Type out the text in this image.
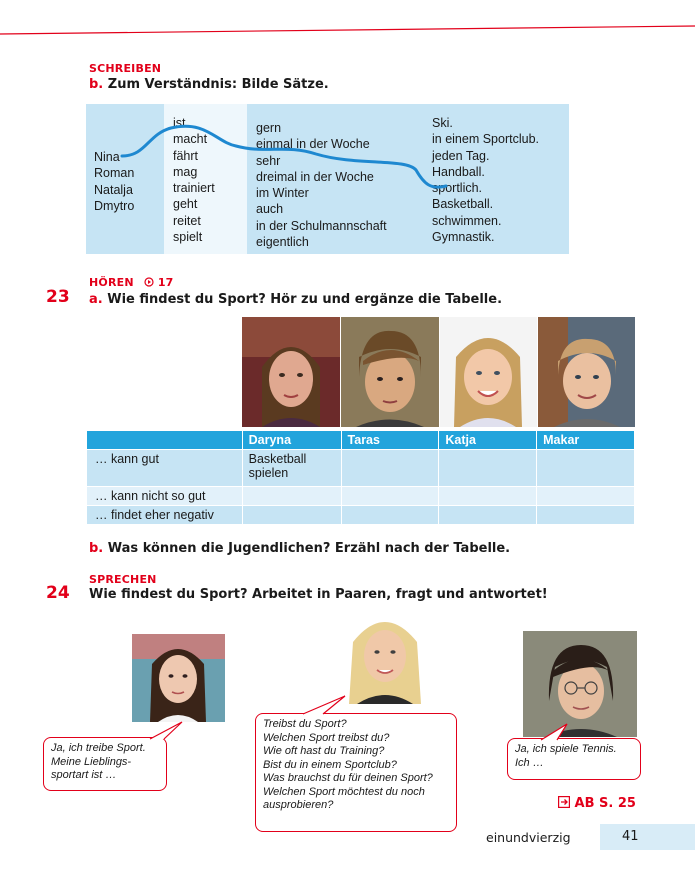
SCHREIBEN
b. Zum Verständnis: Bilde Sätze.
Nina
Roman
Natalja
Dmytro
ist
macht
fährt
mag
trainiert
geht
reitet
spielt
gern
einmal in der Woche
sehr
dreimal in der Woche
im Winter
auch
in der Schulmannschaft
eigentlich
Ski.
in einem Sportclub.
jeden Tag.
Handball.
sportlich.
Basketball.
schwimmen.
Gymnastik.
HÖREN 17
23 a. Wie findest du Sport? Hör zu und ergänze die Tabelle.
	Daryna	Taras	Katja	Makar
… kann gut	Basketball spielen			
… kann nicht so gut				
… findet eher negativ				
b. Was können die Jugendlichen? Erzähl nach der Tabelle.
SPRECHEN
24 Wie findest du Sport? Arbeitet in Paaren, fragt und antwortet!
Ja, ich treibe Sport.
Meine Lieblings-
sportart ist …
Treibst du Sport?
Welchen Sport treibst du?
Wie oft hast du Training?
Bist du in einem Sportclub?
Was brauchst du für deinen Sport?
Welchen Sport möchtest du noch
ausprobieren?
Ja, ich spiele Tennis.
Ich …
AB S. 25
einundvierzig	41
